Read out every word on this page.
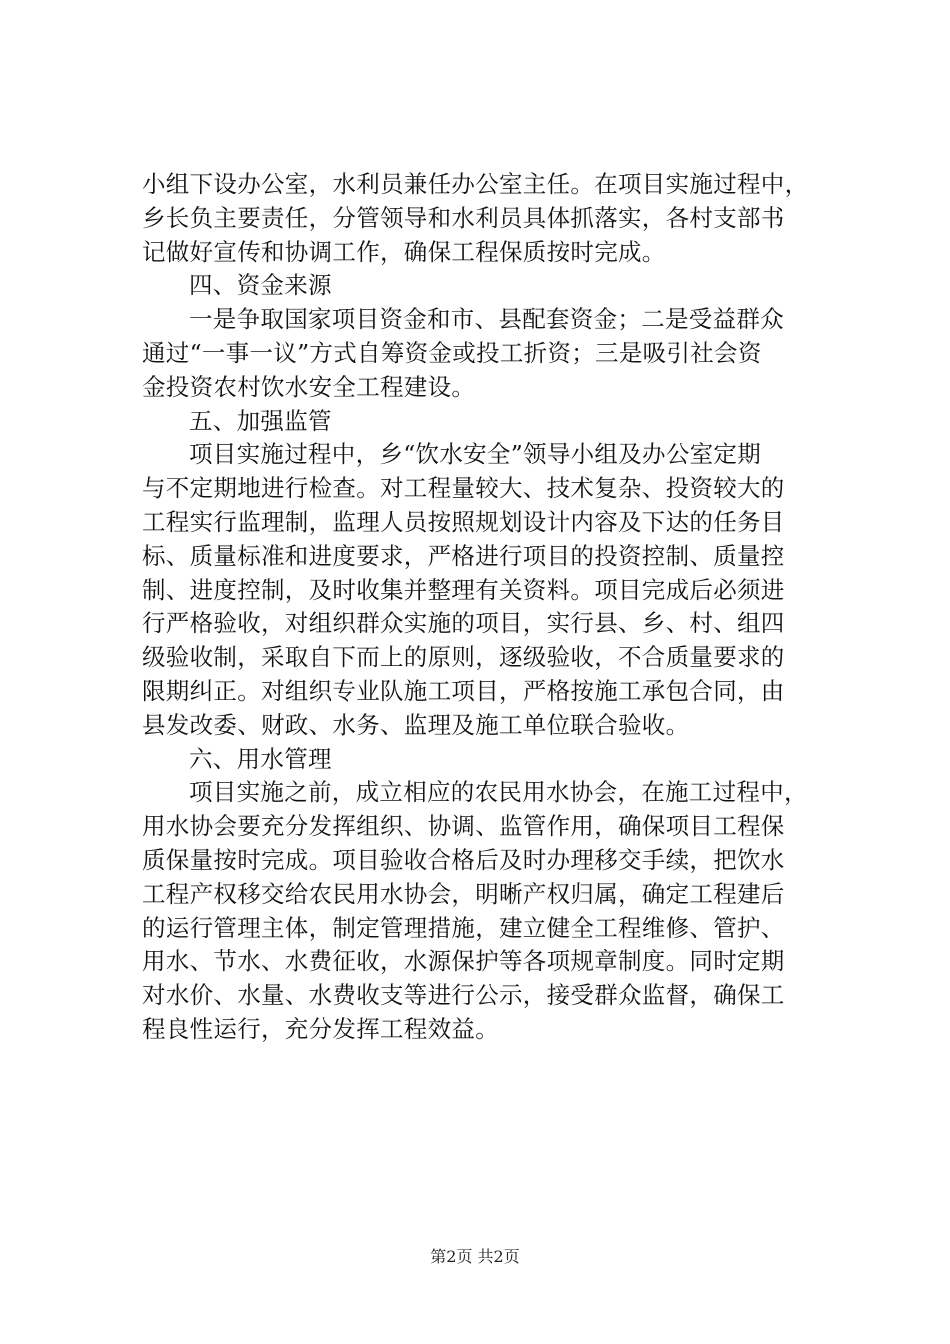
小组下设办公室，水利员兼任办公室主任。在项目实施过程中，
乡长负主要责任，分管领导和水利员具体抓落实，各村支部书
记做好宣传和协调工作，确保工程保质按时完成。
四、资金来源
一是争取国家项目资金和市、县配套资金；二是受益群众
通过“一事一议”方式自筹资金或投工折资；三是吸引社会资
金投资农村饮水安全工程建设。
五、加强监管
项目实施过程中，乡“饮水安全”领导小组及办公室定期
与不定期地进行检查。对工程量较大、技术复杂、投资较大的
工程实行监理制，监理人员按照规划设计内容及下达的任务目
标、质量标准和进度要求，严格进行项目的投资控制、质量控
制、进度控制，及时收集并整理有关资料。项目完成后必须进
行严格验收，对组织群众实施的项目，实行县、乡、村、组四
级验收制，采取自下而上的原则，逐级验收，不合质量要求的
限期纠正。对组织专业队施工项目，严格按施工承包合同，由
县发改委、财政、水务、监理及施工单位联合验收。
六、用水管理
项目实施之前，成立相应的农民用水协会，在施工过程中，
用水协会要充分发挥组织、协调、监管作用，确保项目工程保
质保量按时完成。项目验收合格后及时办理移交手续，把饮水
工程产权移交给农民用水协会，明晰产权归属，确定工程建后
的运行管理主体，制定管理措施，建立健全工程维修、管护、
用水、节水、水费征收，水源保护等各项规章制度。同时定期
对水价、水量、水费收支等进行公示，接受群众监督，确保工
程良性运行，充分发挥工程效益。
第2页 共2页
